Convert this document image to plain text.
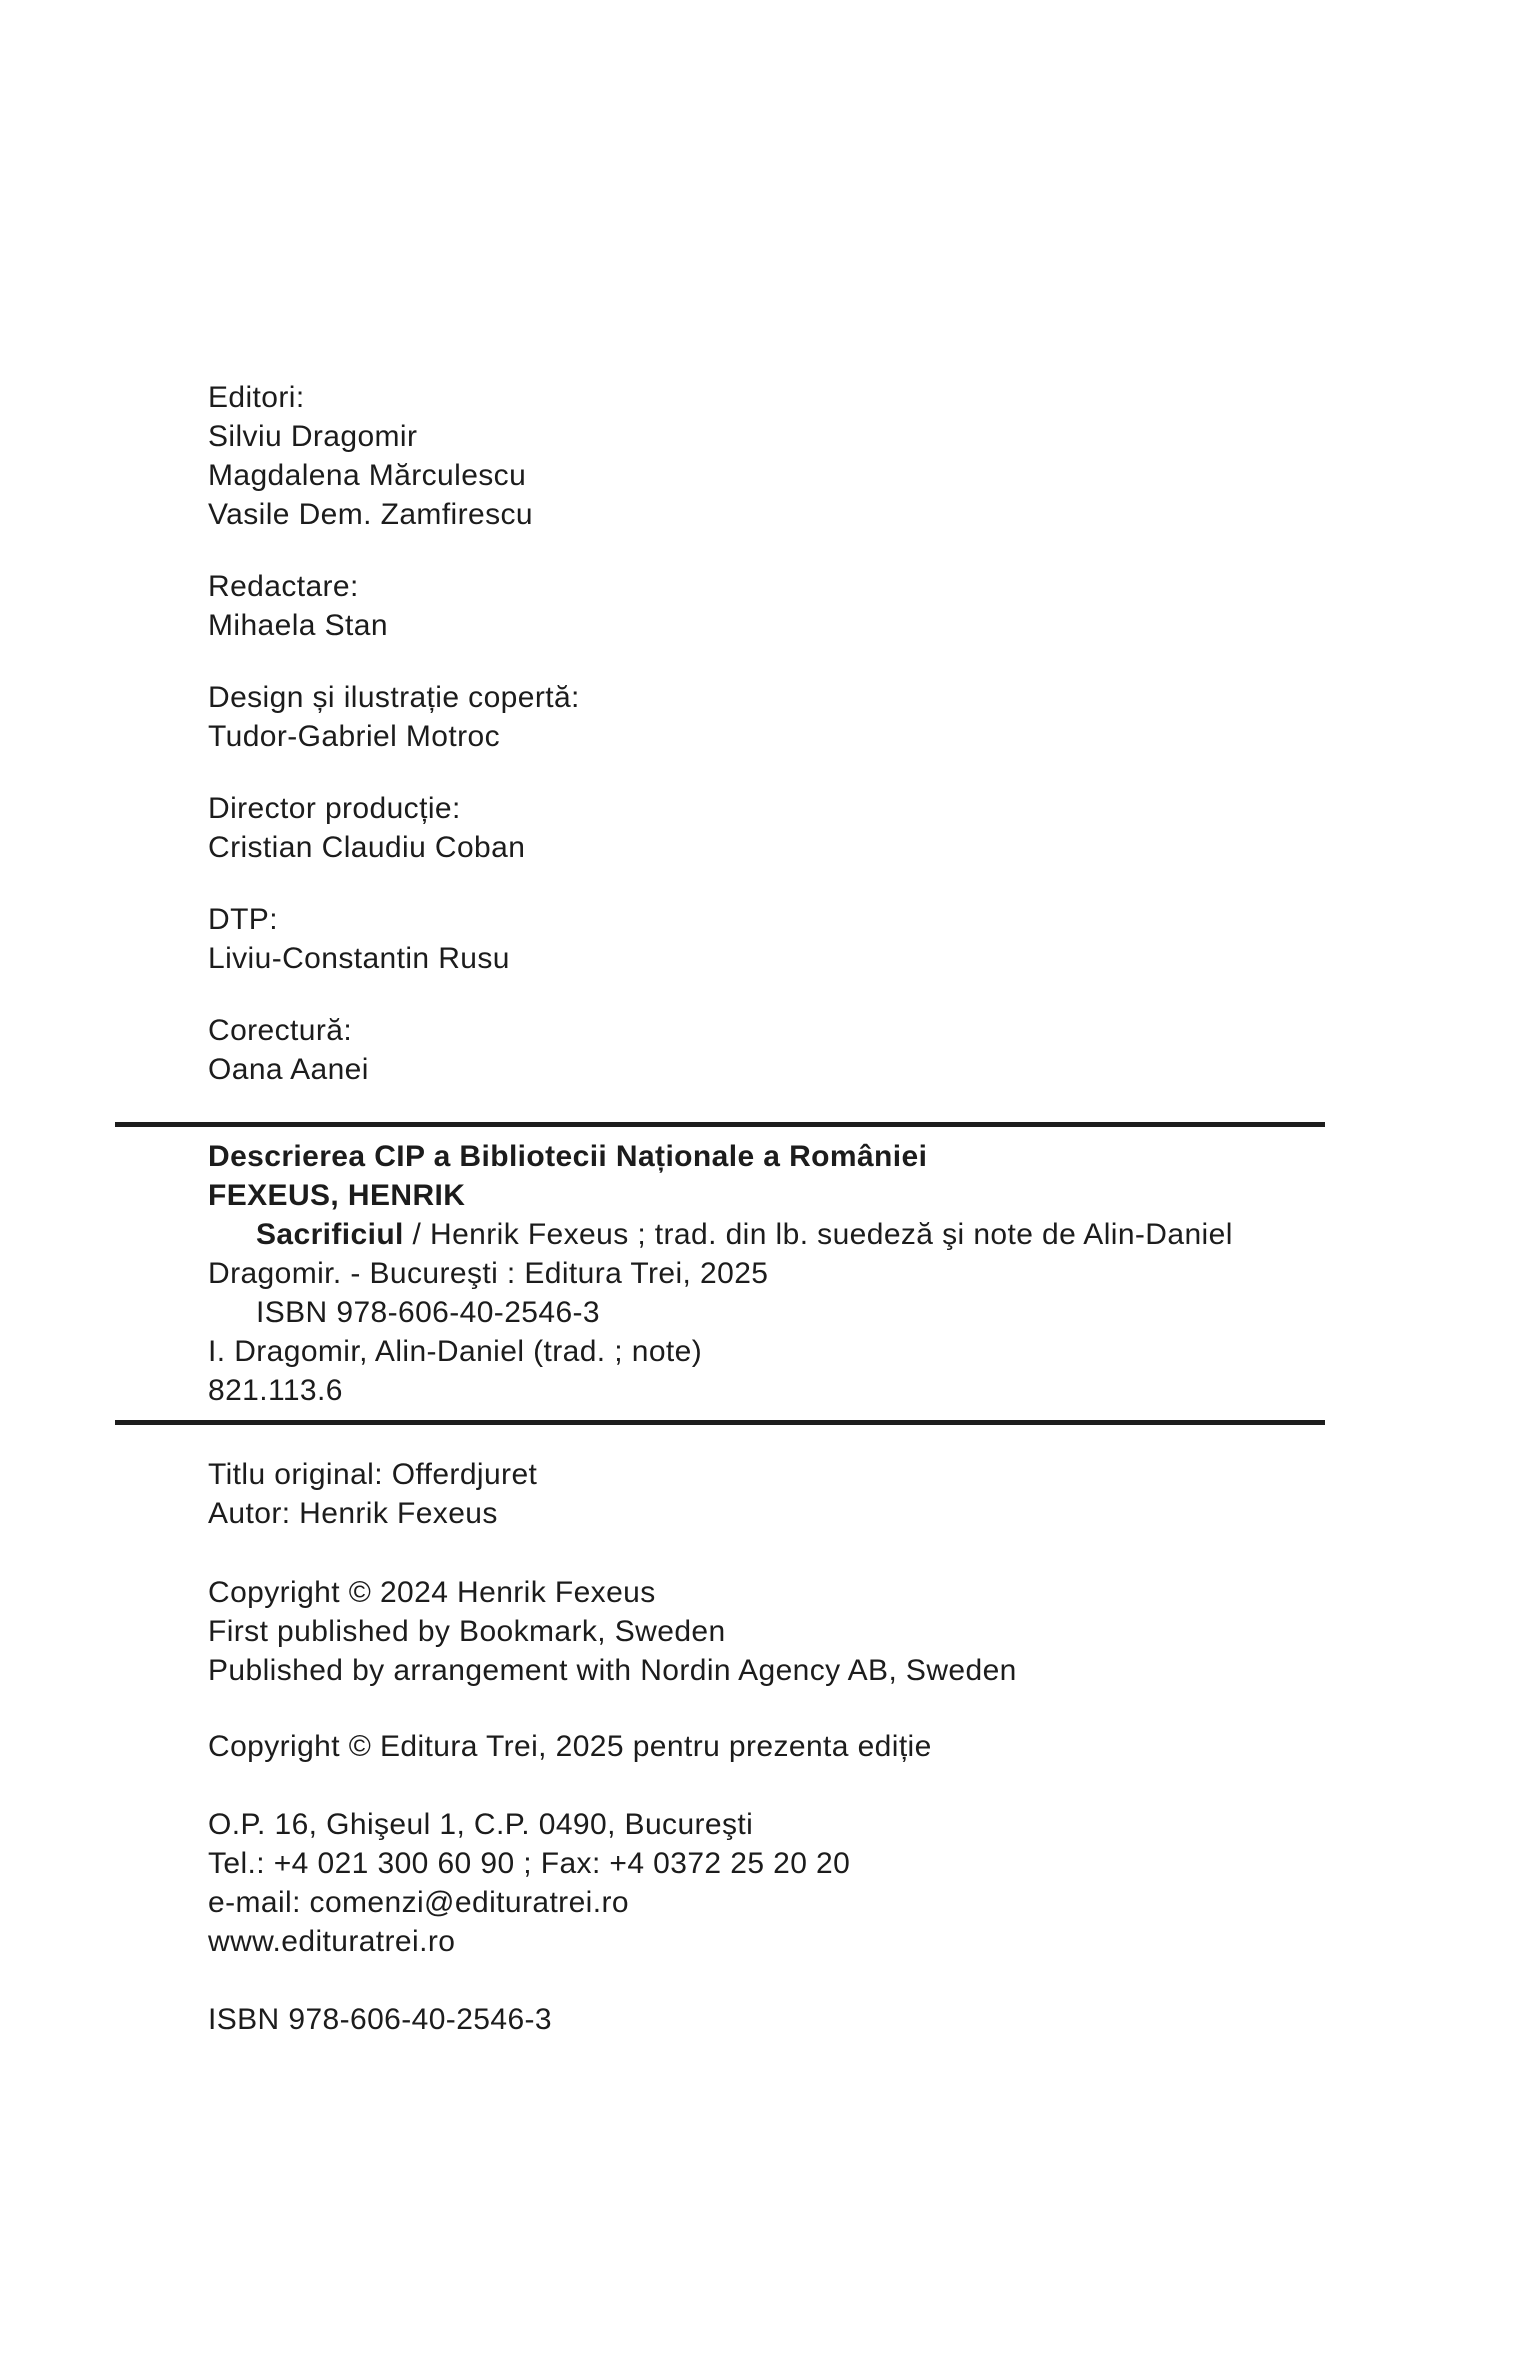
Editori:
Silviu Dragomir
Magdalena Mărculescu
Vasile Dem. Zamfirescu
Redactare:
Mihaela Stan
Design și ilustrație copertă:
Tudor-Gabriel Motroc
Director producție:
Cristian Claudiu Coban
DTP:
Liviu-Constantin Rusu
Corectură:
Oana Aanei
Descrierea CIP a Bibliotecii Naționale a României
FEXEUS, HENRIK
Sacrificiul / Henrik Fexeus ; trad. din lb. suedeză şi note de Alin-Daniel
Dragomir. - Bucureşti : Editura Trei, 2025
ISBN 978-606-40-2546-3
I. Dragomir, Alin-Daniel (trad. ; note)
821.113.6
Titlu original: Offerdjuret
Autor: Henrik Fexeus
Copyright © 2024 Henrik Fexeus
First published by Bookmark, Sweden
Published by arrangement with Nordin Agency AB, Sweden
Copyright © Editura Trei, 2025 pentru prezenta ediție
O.P. 16, Ghişeul 1, C.P. 0490, Bucureşti
Tel.: +4 021 300 60 90 ; Fax: +4 0372 25 20 20
e-mail: comenzi@edituratrei.ro
www.edituratrei.ro
ISBN 978-606-40-2546-3
